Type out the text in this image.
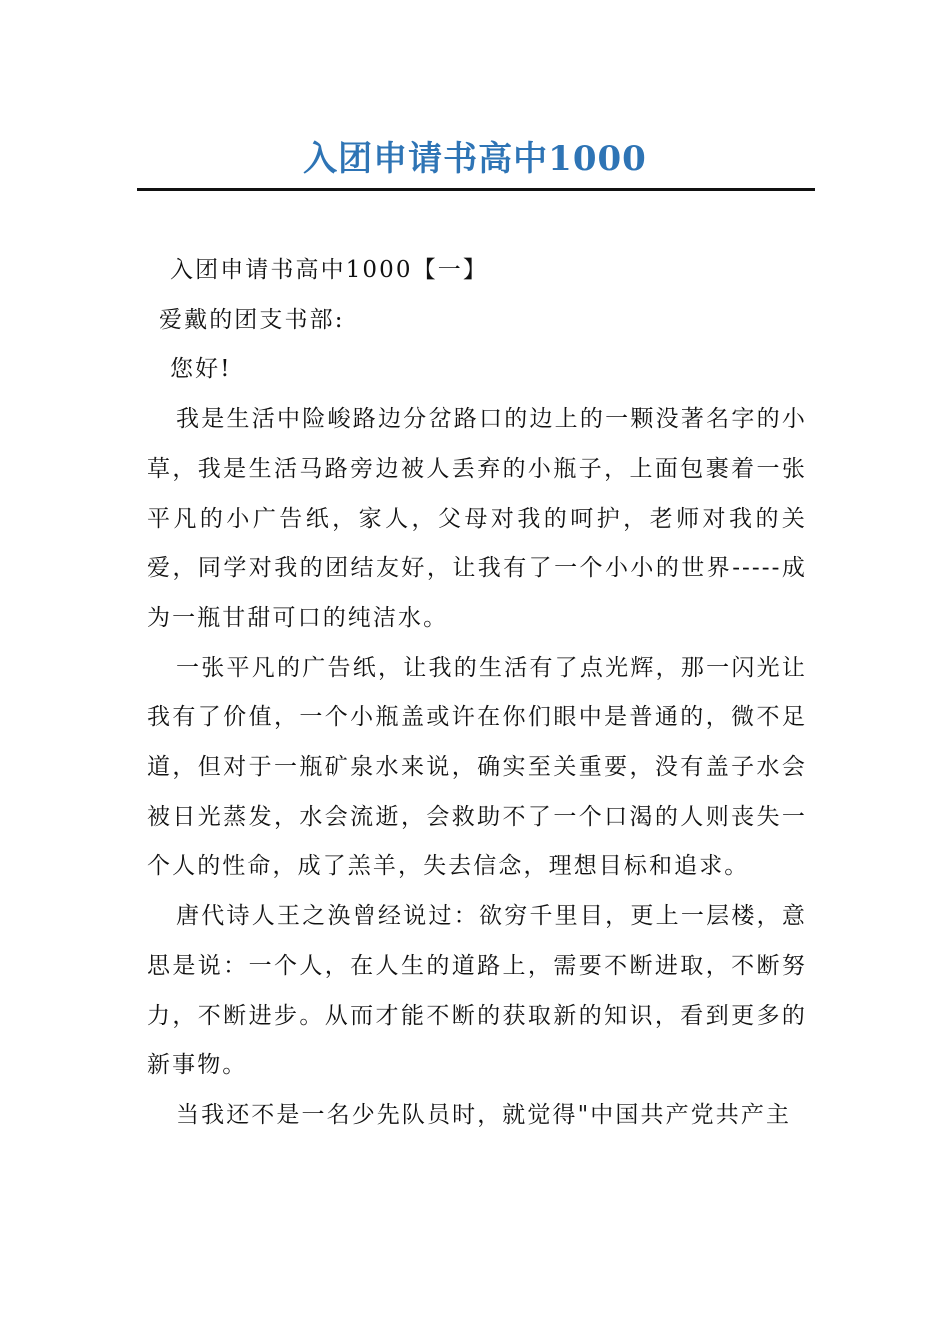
入团申请书高中1000

入团申请书高中1000【一】

爱戴的团支书部:

您好!

我是生活中险峻路边分岔路口的边上的一颗没著名字的小草，我是生活马路旁边被人丢弃的小瓶子，上面包裹着一张平凡的小广告纸，家人，父母对我的呵护，老师对我的关爱，同学对我的团结友好，让我有了一个小小的世界-----成为一瓶甘甜可口的纯洁水。

一张平凡的广告纸，让我的生活有了点光辉，那一闪光让我有了价值，一个小瓶盖或许在你们眼中是普通的，微不足道，但对于一瓶矿泉水来说，确实至关重要，没有盖子水会被日光蒸发，水会流逝，会救助不了一个口渴的人则丧失一个人的性命，成了羔羊，失去信念，理想目标和追求。

唐代诗人王之涣曾经说过：欲穷千里目，更上一层楼，意思是说：一个人，在人生的道路上，需要不断进取，不断努力，不断进步。从而才能不断的获取新的知识，看到更多的新事物。

当我还不是一名少先队员时，就觉得"中国共产党共产主
